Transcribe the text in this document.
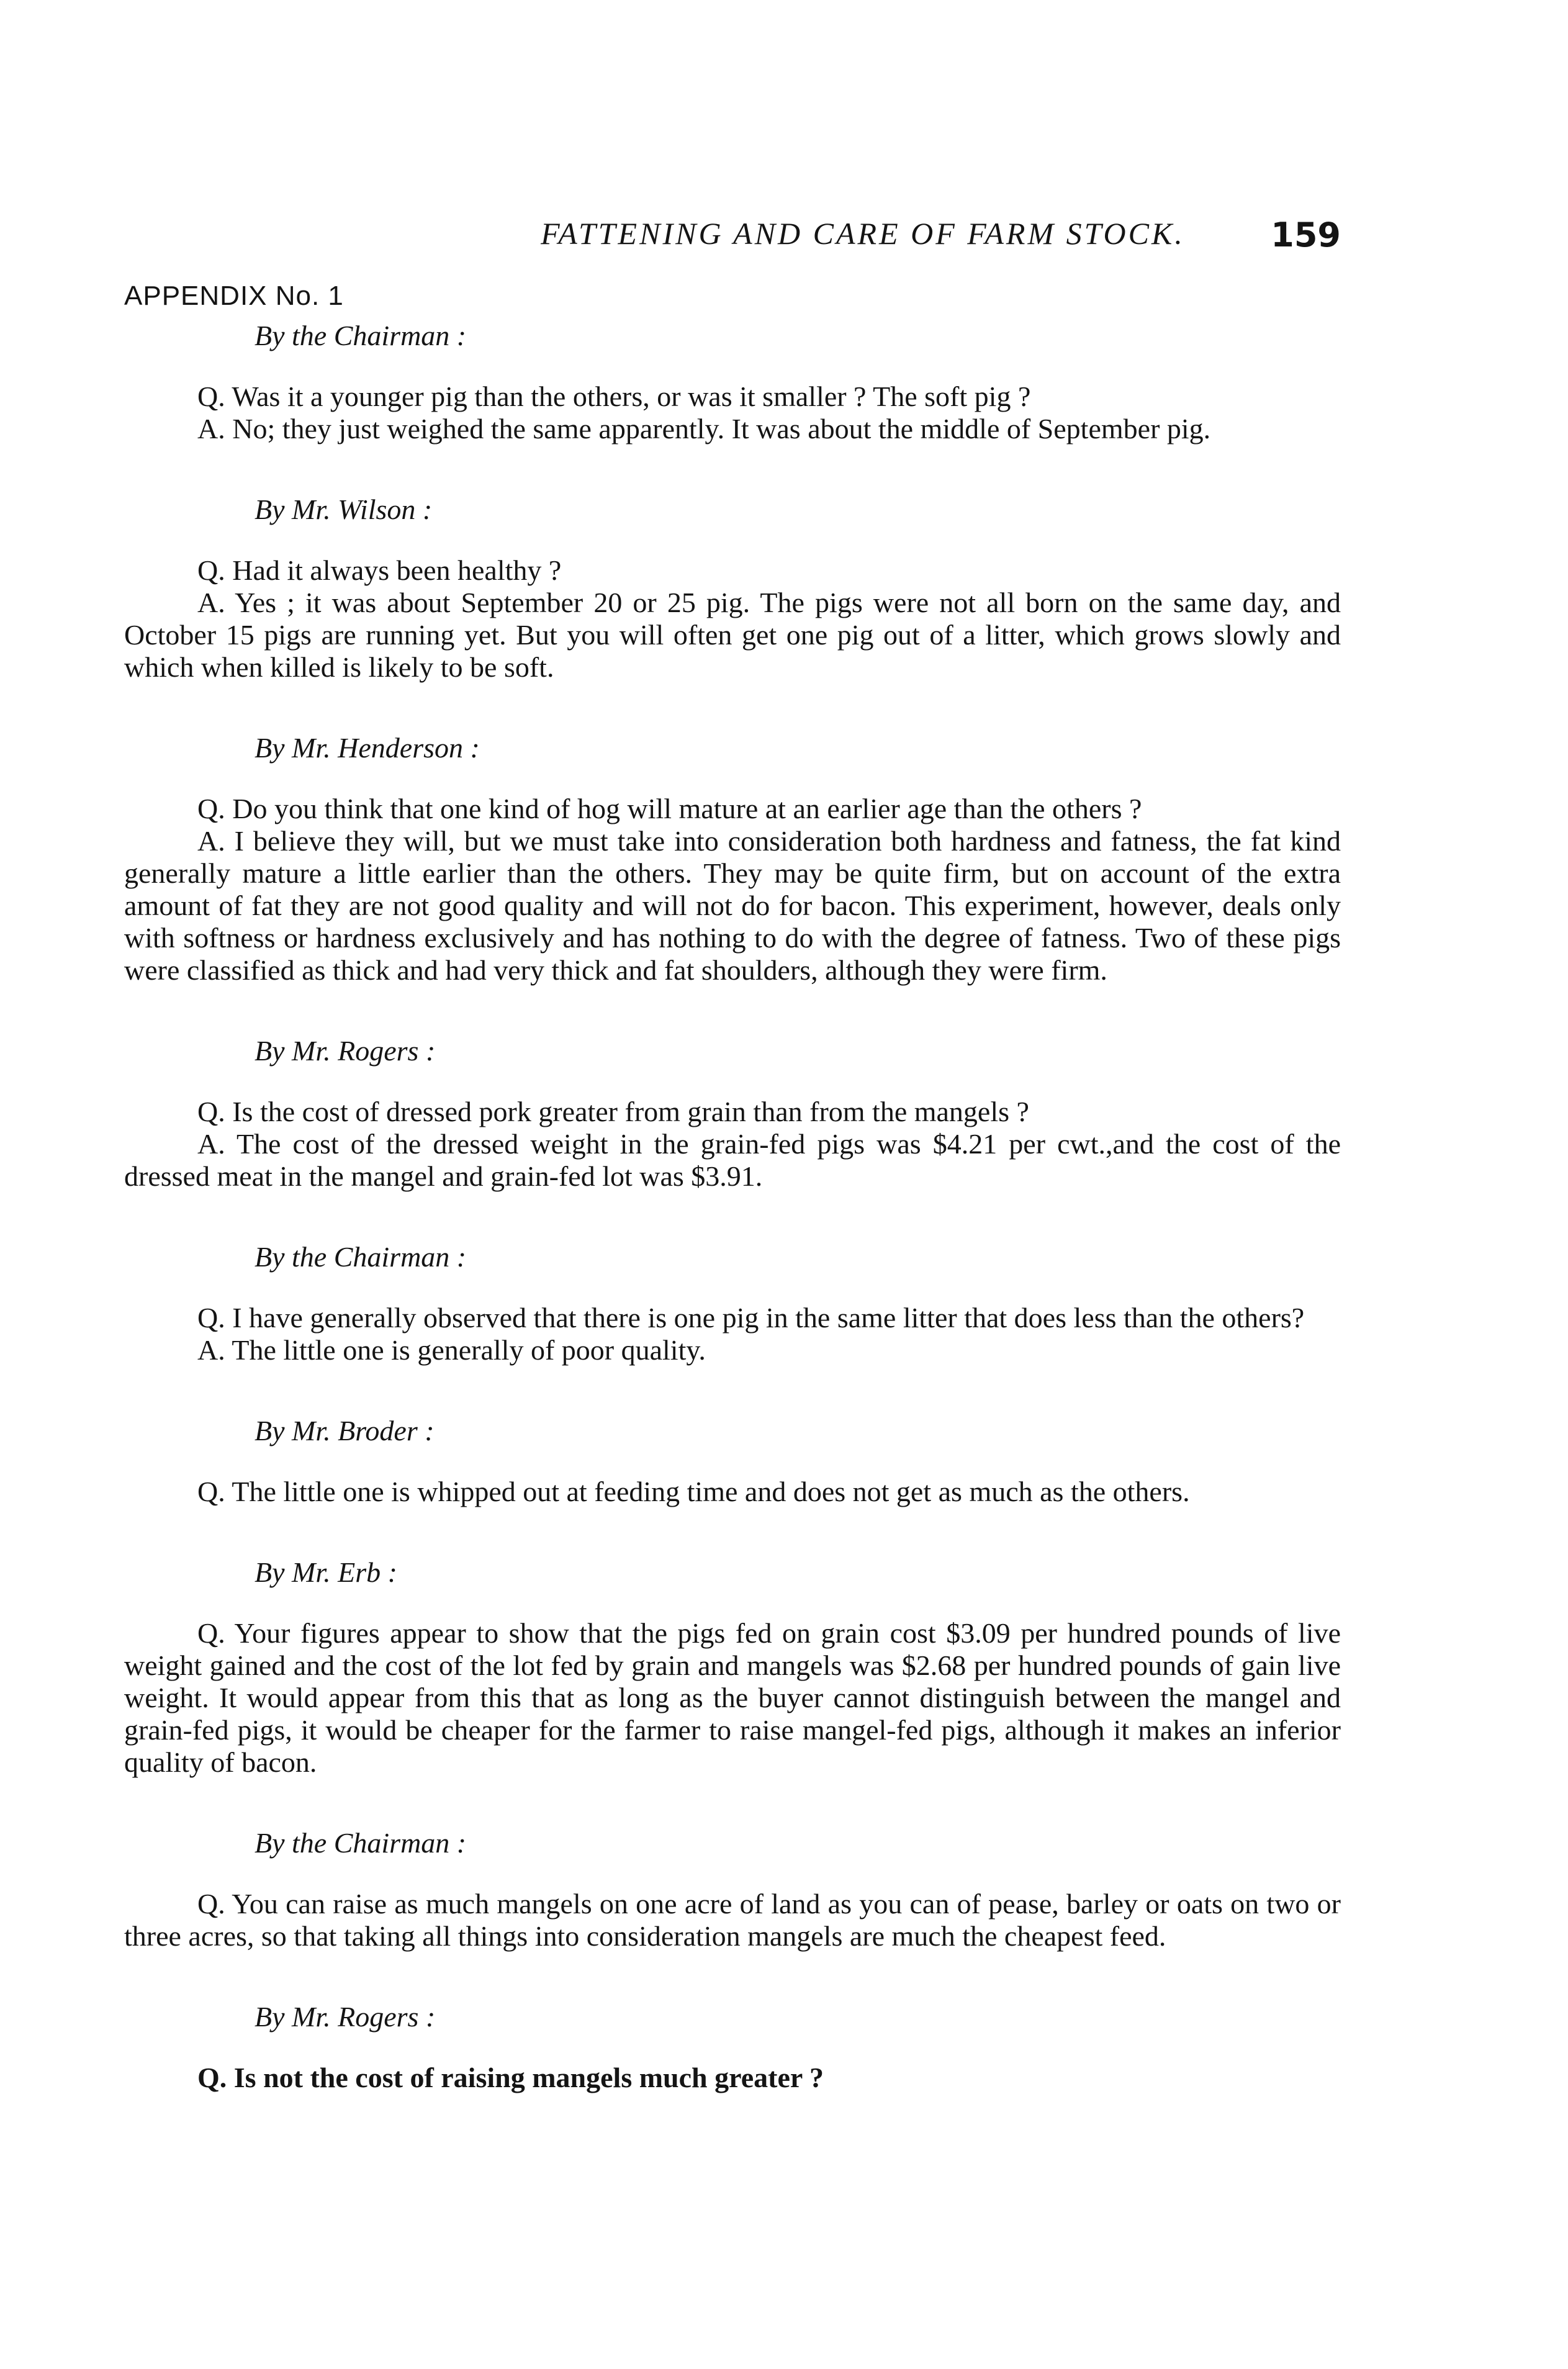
FATTENING AND CARE OF FARM STOCK.	159
APPENDIX No. 1
By the Chairman :

Q. Was it a younger pig than the others, or was it smaller ? The soft pig ?

A. No; they just weighed the same apparently. It was about the middle of September pig.

By Mr. Wilson :

Q. Had it always been healthy ?

A. Yes ; it was about September 20 or 25 pig. The pigs were not all born on the same day, and October 15 pigs are running yet. But you will often get one pig out of a litter, which grows slowly and which when killed is likely to be soft.

By Mr. Henderson :

Q. Do you think that one kind of hog will mature at an earlier age than the others ?

A. I believe they will, but we must take into consideration both hardness and fatness, the fat kind generally mature a little earlier than the others. They may be quite firm, but on account of the extra amount of fat they are not good quality and will not do for bacon. This experiment, however, deals only with softness or hardness exclusively and has nothing to do with the degree of fatness. Two of these pigs were classified as thick and had very thick and fat shoulders, although they were firm.

By Mr. Rogers :

Q. Is the cost of dressed pork greater from grain than from the mangels ?

A. The cost of the dressed weight in the grain-fed pigs was $4.21 per cwt.,and the cost of the dressed meat in the mangel and grain-fed lot was $3.91.

By the Chairman :

Q. I have generally observed that there is one pig in the same litter that does less than the others?

A. The little one is generally of poor quality.

By Mr. Broder :

Q. The little one is whipped out at feeding time and does not get as much as the others.

By Mr. Erb :

Q. Your figures appear to show that the pigs fed on grain cost $3.09 per hundred pounds of live weight gained and the cost of the lot fed by grain and mangels was $2.68 per hundred pounds of gain live weight. It would appear from this that as long as the buyer cannot distinguish between the mangel and grain-fed pigs, it would be cheaper for the farmer to raise mangel-fed pigs, although it makes an inferior quality of bacon.

By the Chairman :

Q. You can raise as much mangels on one acre of land as you can of pease, barley or oats on two or three acres, so that taking all things into consideration mangels are much the cheapest feed.

By Mr. Rogers :

Q. Is not the cost of raising mangels much greater ?
